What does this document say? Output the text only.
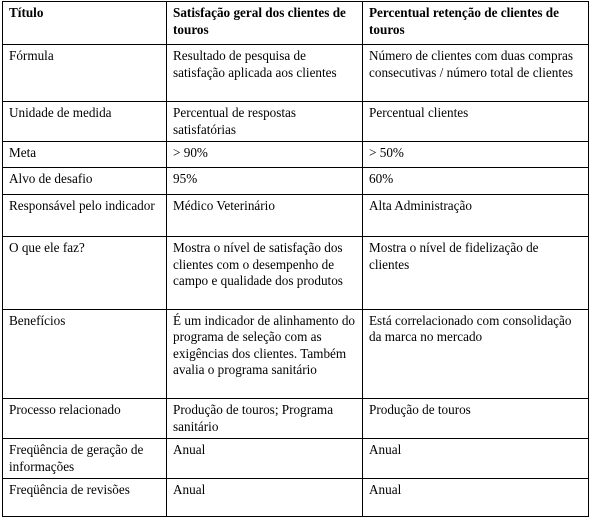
Título	Satisfação geral dos clientes de touros	Percentual retenção de clientes de touros
Fórmula	Resultado de pesquisa de satisfação aplicada aos clientes	Número de clientes com duas compras consecutivas / número total de clientes
Unidade de medida	Percentual de respostas satisfatórias	Percentual clientes
Meta	> 90%	> 50%
Alvo de desafio	95%	60%
Responsável pelo indicador	Médico Veterinário	Alta Administração
O que ele faz?	Mostra o nível de satisfação dos clientes com o desempenho de campo e qualidade dos produtos	Mostra o nível de fidelização de clientes
Benefícios	É um indicador de alinhamento do programa de seleção com as exigências dos clientes. Também avalia o programa sanitário	Está correlacionado com consolidação da marca no mercado
Processo relacionado	Produção de touros; Programa sanitário	Produção de touros
Freqüência de geração de informações	Anual	Anual
Freqüência de revisões	Anual	Anual
